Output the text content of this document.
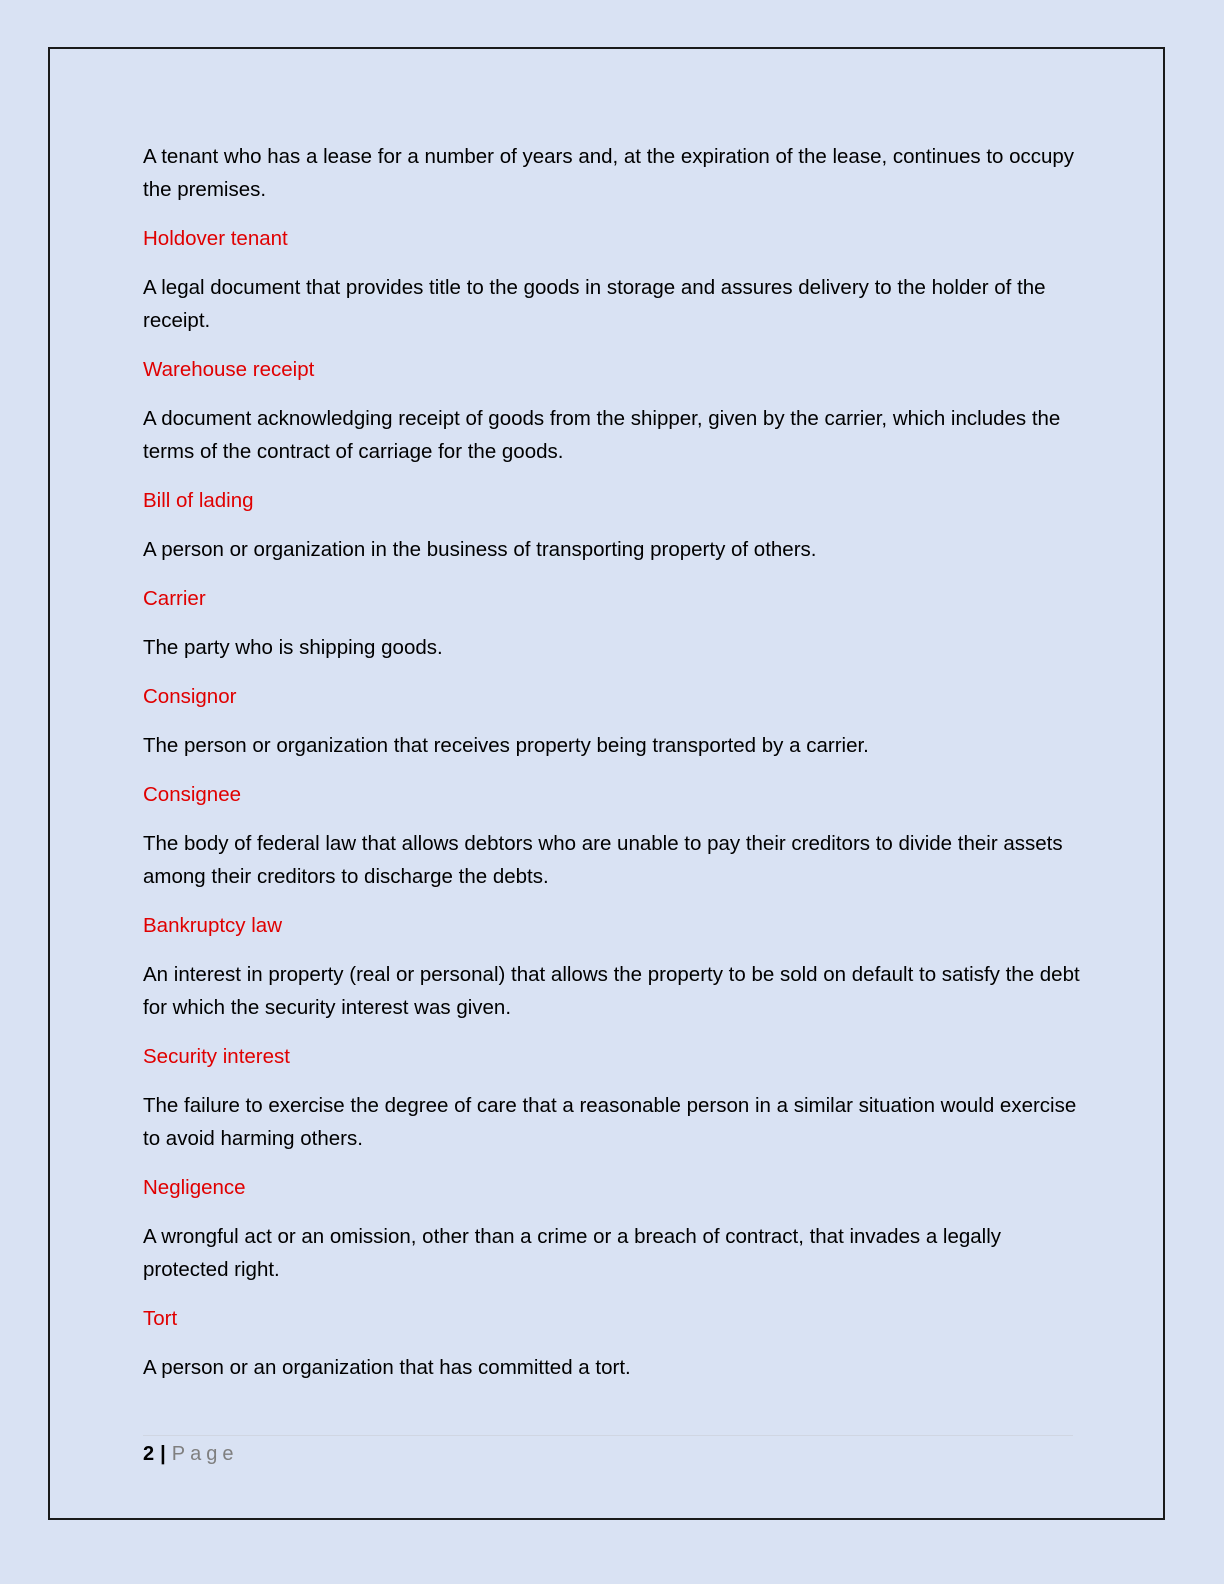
A tenant who has a lease for a number of years and, at the expiration of the lease, continues to occupy the premises.

Holdover tenant

A legal document that provides title to the goods in storage and assures delivery to the holder of the receipt.

Warehouse receipt

A document acknowledging receipt of goods from the shipper, given by the carrier, which includes the terms of the contract of carriage for the goods.

Bill of lading

A person or organization in the business of transporting property of others.

Carrier

The party who is shipping goods.

Consignor

The person or organization that receives property being transported by a carrier.

Consignee

The body of federal law that allows debtors who are unable to pay their creditors to divide their assets among their creditors to discharge the debts.

Bankruptcy law

An interest in property (real or personal) that allows the property to be sold on default to satisfy the debt for which the security interest was given.

Security interest

The failure to exercise the degree of care that a reasonable person in a similar situation would exercise to avoid harming others.

Negligence

A wrongful act or an omission, other than a crime or a breach of contract, that invades a legally protected right.

Tort

A person or an organization that has committed a tort.

2 | Page
